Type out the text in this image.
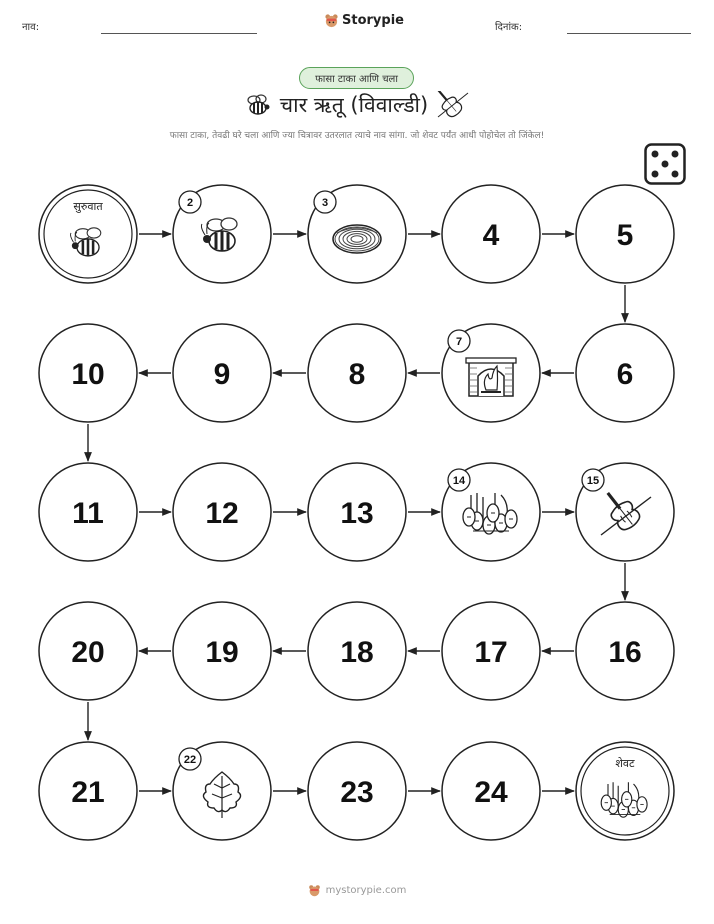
नाव:	Storypie	दिनांक:
फासा टाका आणि चला
चार ऋतू (विवाल्डी)
फासा टाका, तेवढी घरे चला आणि ज्या चित्रावर उतरलात त्याचे नाव सांगा. जो शेवट पर्यंत आधी पोहोचेल तो जिंकेल!
सुरुवात	2	3
4	5
6
7
8
9
10
11	12	13
14	15
16
17
18
19
20
21
22
23	24
शेवट
mystorypie.com
